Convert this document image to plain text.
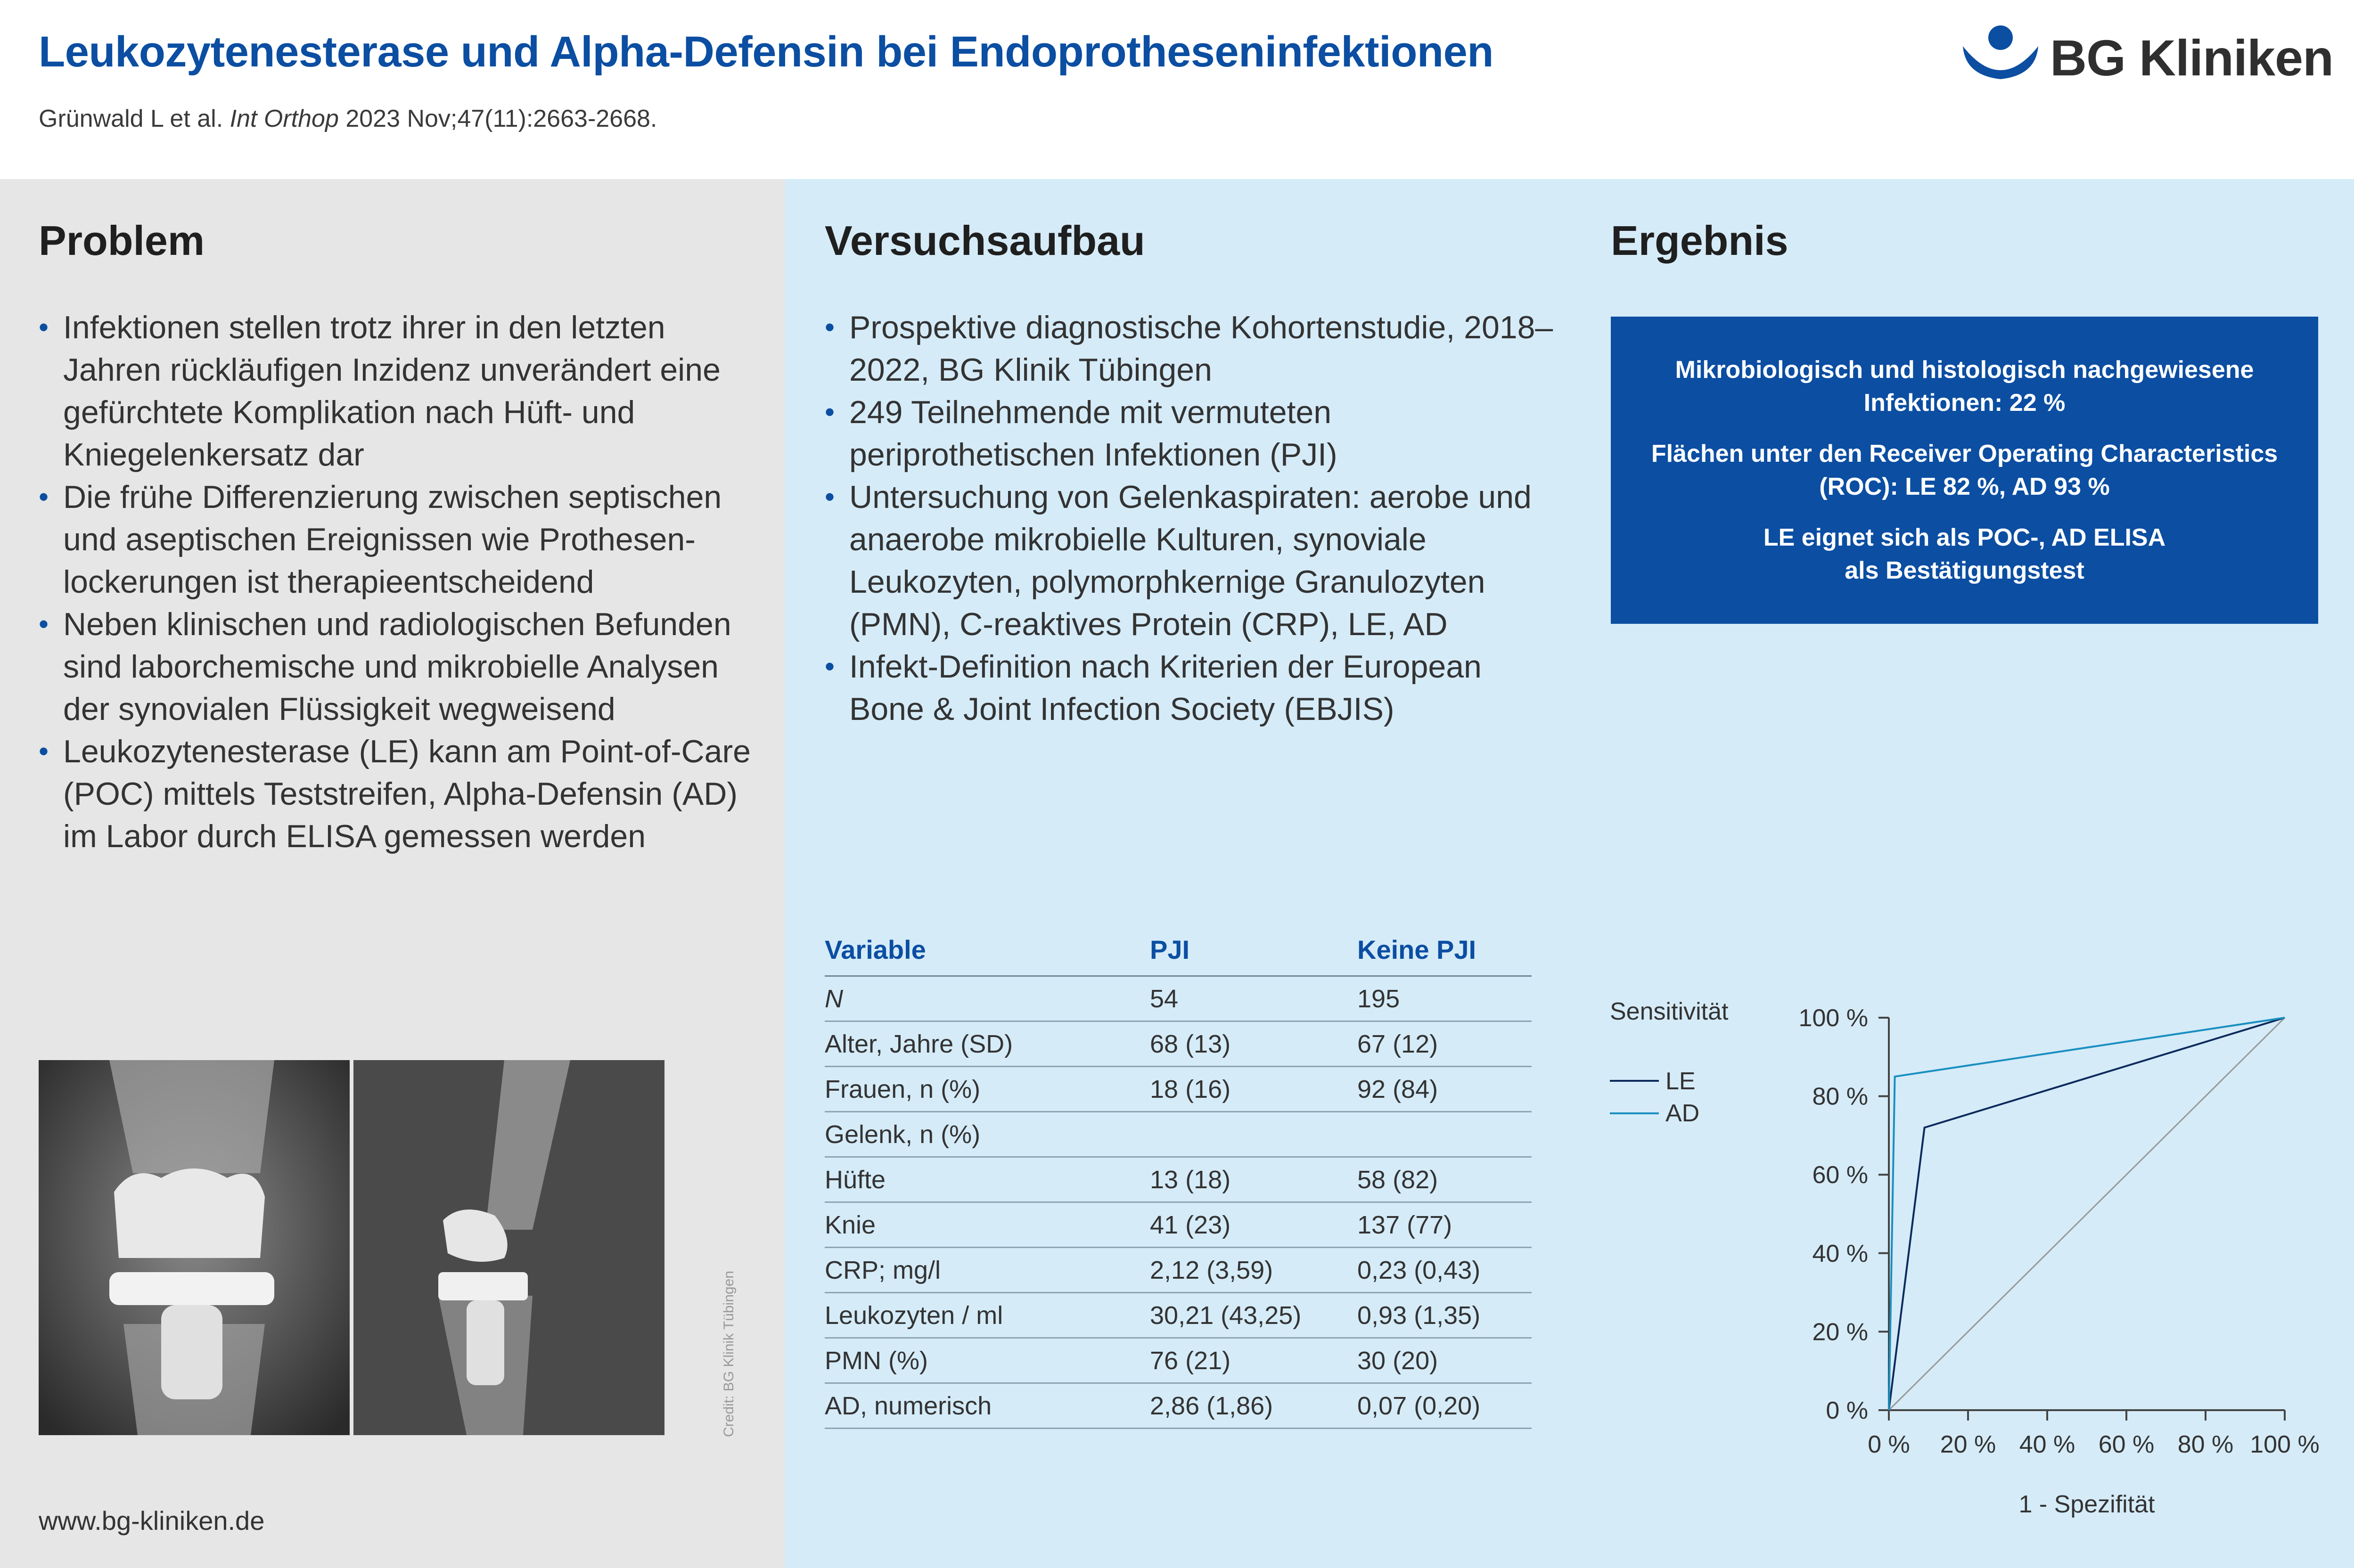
Leukozytenesterase und Alpha-Defensin bei Endoprotheseninfektionen
Grünwald L et al. Int Orthop 2023 Nov;47(11):2663-2668.
BG Kliniken
Problem
• Infektionen stellen trotz ihrer in den letzten Jahren rückläufigen Inzidenz unverändert eine gefürchtete Komplikation nach Hüft- und Kniegelenkersatz dar
• Die frühe Differenzierung zwischen septischen und aseptischen Ereignissen wie Prothesen-lockerungen ist therapieentscheidend
• Neben klinischen und radiologischen Befunden sind laborchemische und mikrobielle Analysen der synovialen Flüssigkeit wegweisend
• Leukozytenesterase (LE) kann am Point-of-Care (POC) mittels Teststreifen, Alpha-Defensin (AD) im Labor durch ELISA gemessen werden
Credit: BG Klinik Tübingen
www.bg-kliniken.de
Versuchsaufbau
• Prospektive diagnostische Kohortenstudie, 2018–2022, BG Klinik Tübingen
• 249 Teilnehmende mit vermuteten periprothetischen Infektionen (PJI)
• Untersuchung von Gelenkaspiraten: aerobe und anaerobe mikrobielle Kulturen, synoviale Leukozyten, polymorphkernige Granulozyten (PMN), C-reaktives Protein (CRP), LE, AD
• Infekt-Definition nach Kriterien der European Bone & Joint Infection Society (EBJIS)
Variable	PJI	Keine PJI
N	54	195
Alter, Jahre (SD)	68 (13)	67 (12)
Frauen, n (%)	18 (16)	92 (84)
Gelenk, n (%)
Hüfte	13 (18)	58 (82)
Knie	41 (23)	137 (77)
CRP; mg/l	2,12 (3,59)	0,23 (0,43)
Leukozyten / ml	30,21 (43,25)	0,93 (1,35)
PMN (%)	76 (21)	30 (20)
AD, numerisch	2,86 (1,86)	0,07 (0,20)
Ergebnis
Mikrobiologisch und histologisch nachgewiesene
Infektionen: 22 %
Flächen unter den Receiver Operating Characteristics
(ROC): LE 82 %, AD 93 %
LE eignet sich als POC-, AD ELISA
als Bestätigungstest
Sensitivität
1 - Spezifität
LE
AD
0 % 20 % 40 % 60 % 80 % 100 %
0 %
20 %
40 %
60 %
80 %
100 %
